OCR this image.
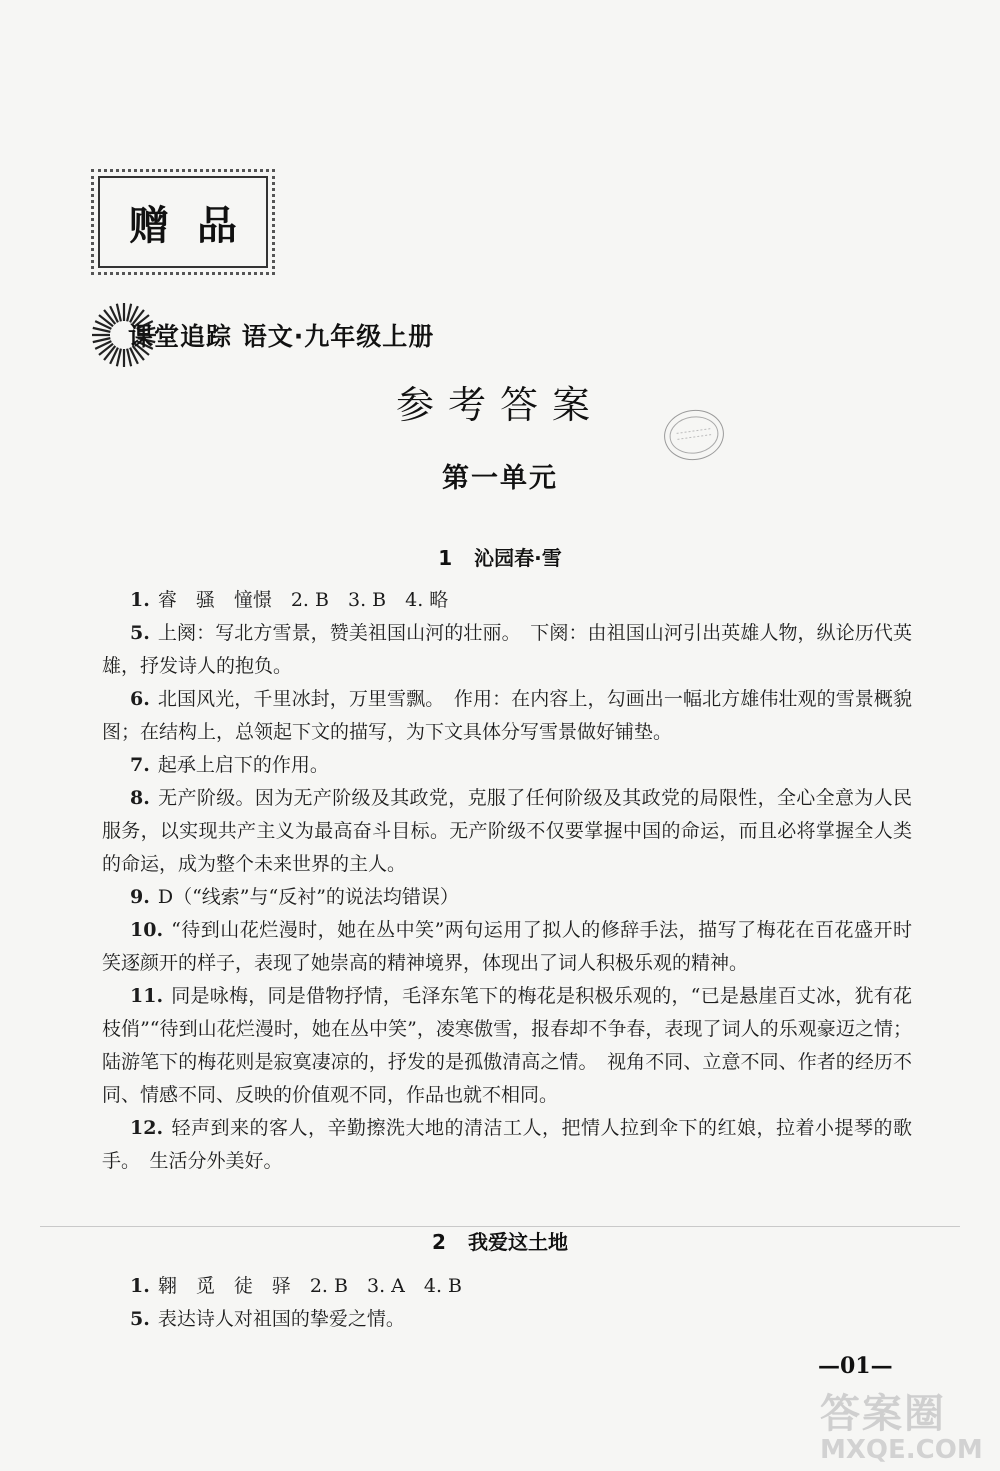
赠品
课堂追踪 语文·九年级上册
参考答案
第一单元
1 沁园春·雪

1. 睿　骚　憧憬　2. B　3. B　4. 略

5. 上阕：写北方雪景，赞美祖国山河的壮丽。　下阕：由祖国山河引出英雄人物，纵论历代英雄，抒发诗人的抱负。

6. 北国风光，千里冰封，万里雪飘。　作用：在内容上，勾画出一幅北方雄伟壮观的雪景概貌图；在结构上，总领起下文的描写，为下文具体分写雪景做好铺垫。

7. 起承上启下的作用。

8. 无产阶级。因为无产阶级及其政党，克服了任何阶级及其政党的局限性，全心全意为人民服务，以实现共产主义为最高奋斗目标。无产阶级不仅要掌握中国的命运，而且必将掌握全人类的命运，成为整个未来世界的主人。

9. D（“线索”与“反衬”的说法均错误）

10. “待到山花烂漫时，她在丛中笑”两句运用了拟人的修辞手法，描写了梅花在百花盛开时笑逐颜开的样子，表现了她崇高的精神境界，体现出了词人积极乐观的精神。

11. 同是咏梅，同是借物抒情，毛泽东笔下的梅花是积极乐观的，“已是悬崖百丈冰，犹有花枝俏”“待到山花烂漫时，她在丛中笑”，凌寒傲雪，报春却不争春，表现了词人的乐观豪迈之情；陆游笔下的梅花则是寂寞凄凉的，抒发的是孤傲清高之情。　视角不同、立意不同、作者的经历不同、情感不同、反映的价值观不同，作品也就不相同。

12. 轻声到来的客人，辛勤擦洗大地的清洁工人，把情人拉到伞下的红娘，拉着小提琴的歌手。　生活分外美好。

2 我爱这土地

1. 翱　觅　徒　驿　2. B　3. A　4. B

5. 表达诗人对祖国的挚爱之情。

—01—
答案圈
MXQE.COM
